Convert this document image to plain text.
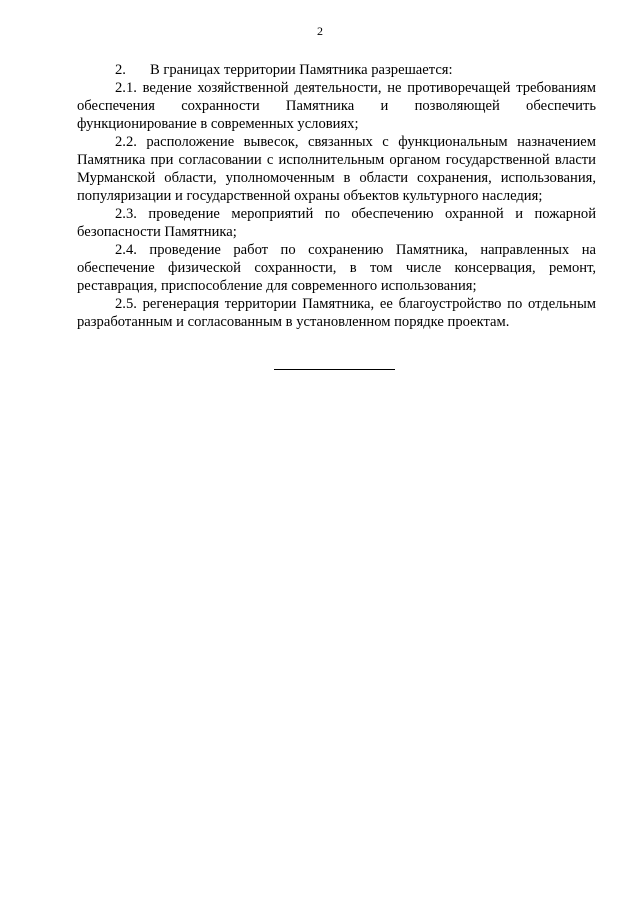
2

2. В границах территории Памятника разрешается:

2.1. ведение хозяйственной деятельности, не противоречащей требованиям обеспечения сохранности Памятника и позволяющей обеспечить функционирование в современных условиях;

2.2. расположение вывесок, связанных с функциональным назначением Памятника при согласовании с исполнительным органом государственной власти Мурманской области, уполномоченным в области сохранения, использования, популяризации и государственной охраны объектов культурного наследия;

2.3. проведение мероприятий по обеспечению охранной и пожарной безопасности Памятника;

2.4. проведение работ по сохранению Памятника, направленных на обеспечение физической сохранности, в том числе консервация, ремонт, реставрация, приспособление для современного использования;

2.5. регенерация территории Памятника, ее благоустройство по отдельным разработанным и согласованным в установленном порядке проектам.
